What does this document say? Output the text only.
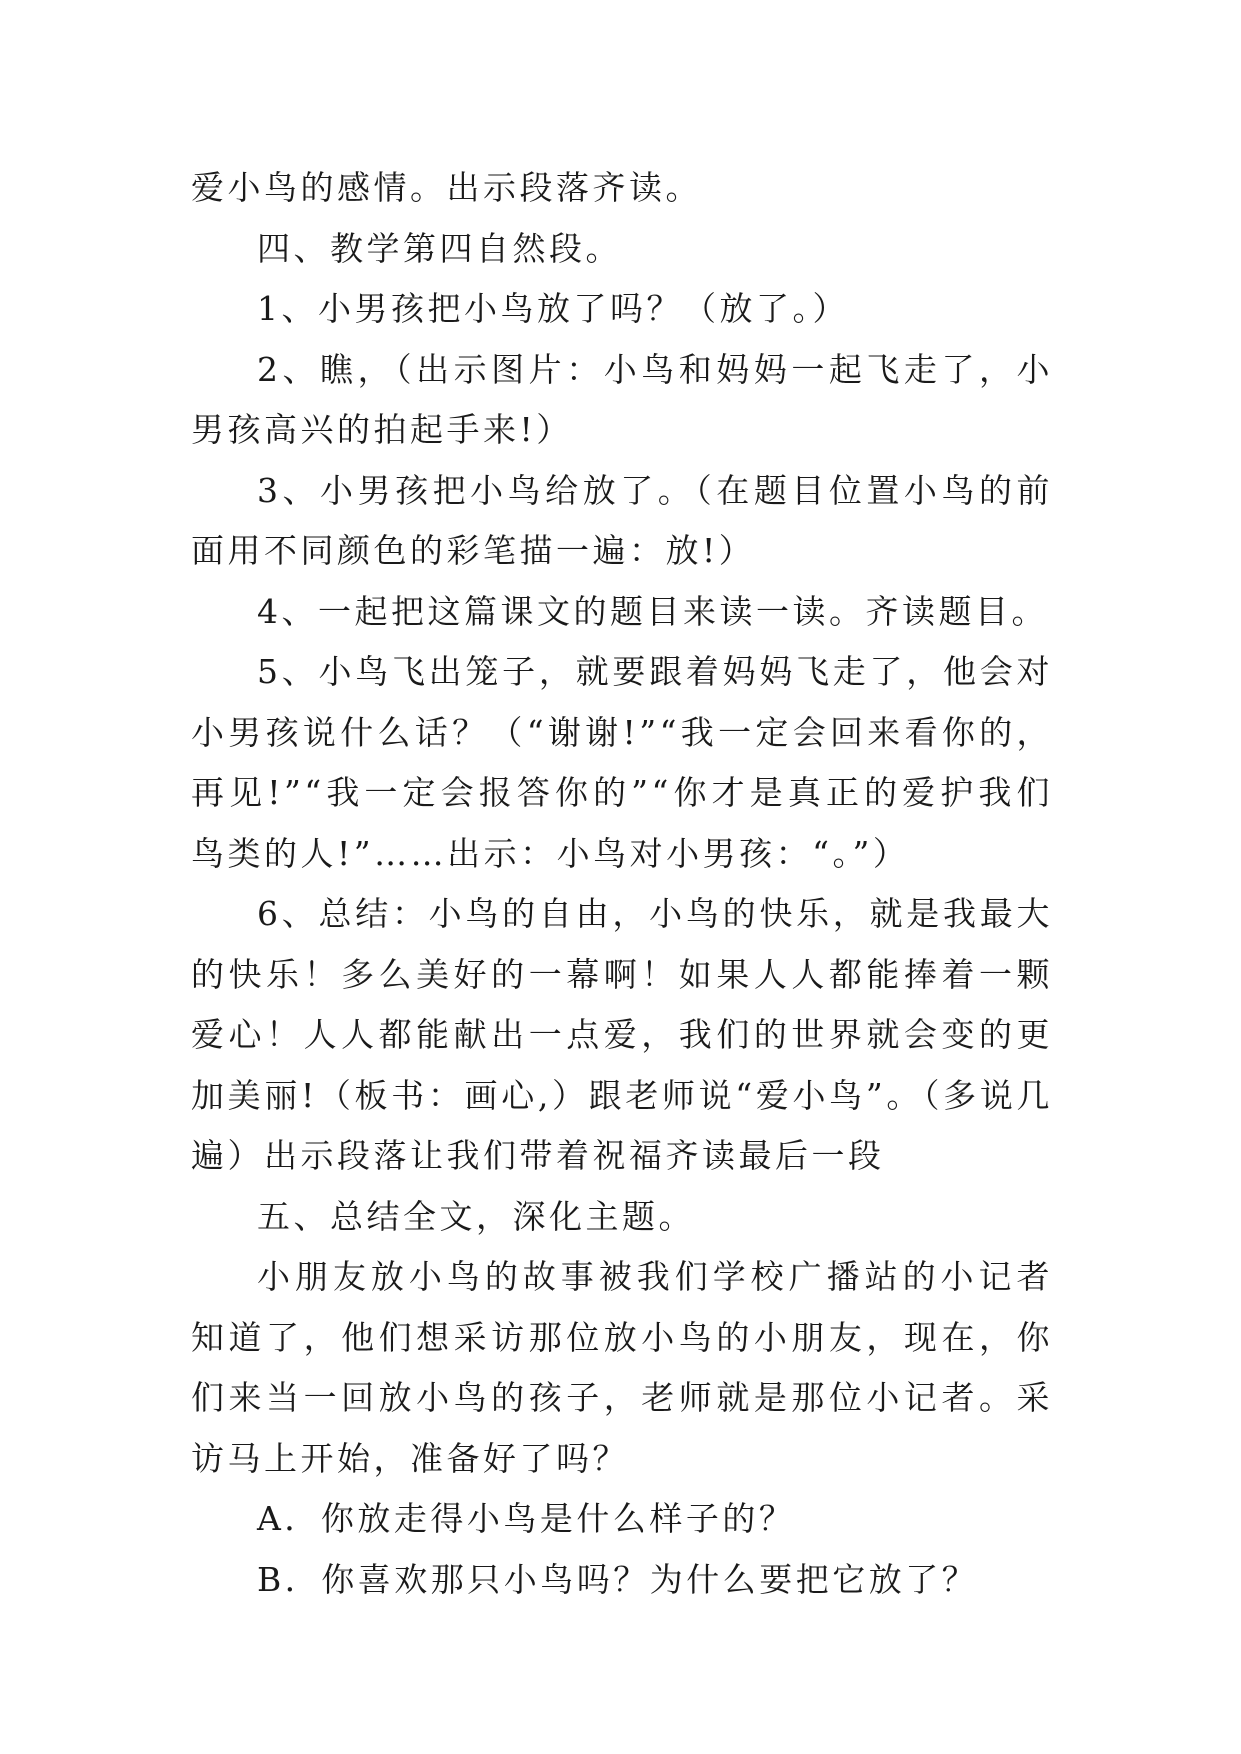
爱小鸟的感情。出示段落齐读。

四、教学第四自然段。

1、小男孩把小鸟放了吗？（放了。）

2、瞧，（出示图片：小鸟和妈妈一起飞走了，小男孩高兴的拍起手来!）

3、小男孩把小鸟给放了。（在题目位置小鸟的前面用不同颜色的彩笔描一遍：放!）

4、一起把这篇课文的题目来读一读。齐读题目。

5、小鸟飞出笼子，就要跟着妈妈飞走了，他会对小男孩说什么话？（“谢谢!”“我一定会回来看你的，再见!”“我一定会报答你的”“你才是真正的爱护我们鸟类的人!”……出示：小鸟对小男孩：“。”）

6、总结：小鸟的自由，小鸟的快乐，就是我最大的快乐！多么美好的一幕啊！如果人人都能捧着一颗爱心！人人都能献出一点爱，我们的世界就会变的更加美丽!（板书：画心,）跟老师说“爱小鸟”。（多说几遍）出示段落让我们带着祝福齐读最后一段

五、总结全文，深化主题。

小朋友放小鸟的故事被我们学校广播站的小记者知道了，他们想采访那位放小鸟的小朋友，现在，你们来当一回放小鸟的孩子，老师就是那位小记者。采访马上开始，准备好了吗？

A．你放走得小鸟是什么样子的？

B．你喜欢那只小鸟吗？为什么要把它放了？
